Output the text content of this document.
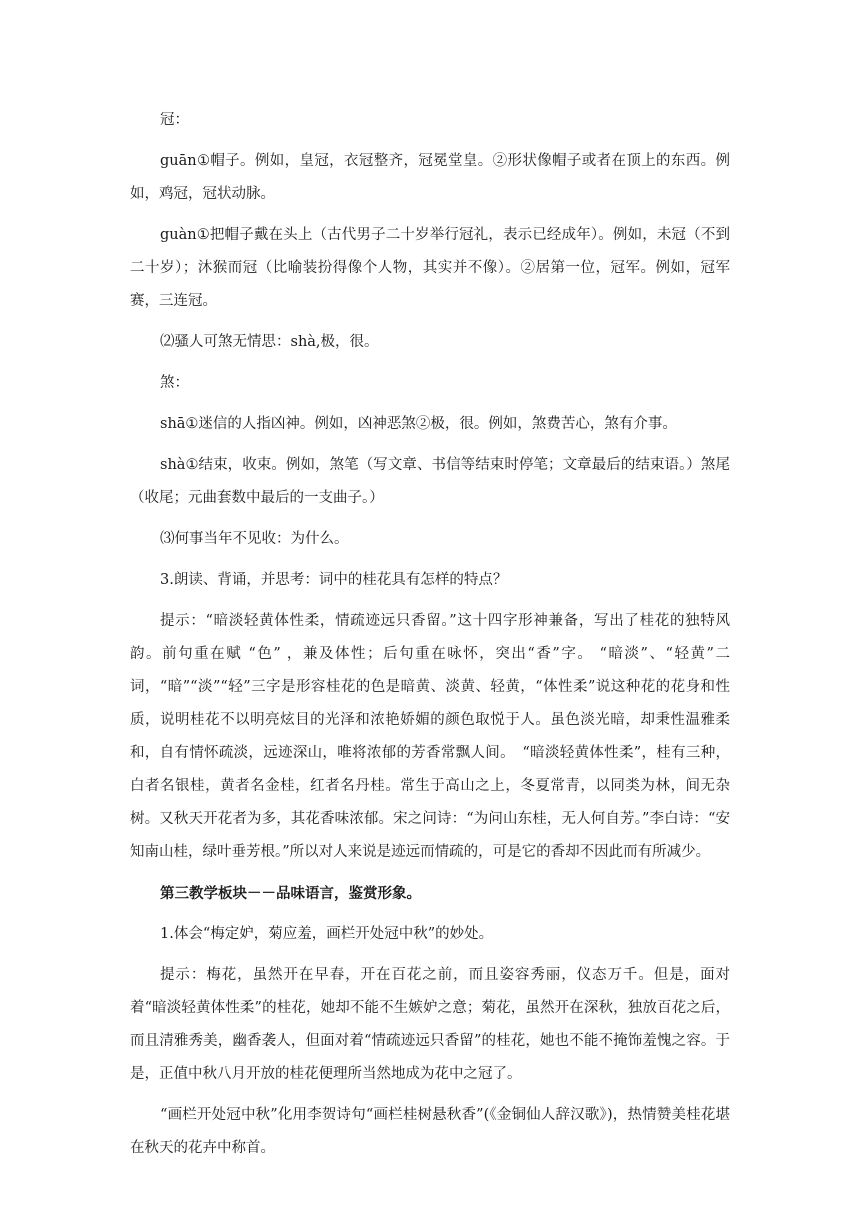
冠：

guān①帽子。例如，皇冠，衣冠整齐，冠冕堂皇。②形状像帽子或者在顶上的东西。例如，鸡冠，冠状动脉。

guàn①把帽子戴在头上（古代男子二十岁举行冠礼，表示已经成年）。例如，未冠（不到二十岁）；沐猴而冠（比喻装扮得像个人物，其实并不像）。②居第一位，冠军。例如，冠军赛，三连冠。

⑵骚人可煞无情思：shà,极，很。

煞：

shā①迷信的人指凶神。例如，凶神恶煞②极，很。例如，煞费苦心，煞有介事。

shà①结束，收束。例如，煞笔（写文章、书信等结束时停笔；文章最后的结束语。）煞尾（收尾；元曲套数中最后的一支曲子。）

⑶何事当年不见收：为什么。

3.朗读、背诵，并思考：词中的桂花具有怎样的特点？

提示：“暗淡轻黄体性柔，情疏迹远只香留。”这十四字形神兼备，写出了桂花的独特风韵。前句重在赋 “色” ，兼及体性；后句重在咏怀，突出“香”字。 “暗淡”、“轻黄”二词，“暗”“淡”“轻”三字是形容桂花的色是暗黄、淡黄、轻黄，“体性柔”说这种花的花身和性质，说明桂花不以明亮炫目的光泽和浓艳娇媚的颜色取悦于人。虽色淡光暗，却秉性温雅柔和，自有情怀疏淡，远迹深山，唯将浓郁的芳香常飘人间。　“暗淡轻黄体性柔”，桂有三种，白者名银桂，黄者名金桂，红者名丹桂。常生于高山之上，冬夏常青，以同类为林，间无杂树。又秋天开花者为多，其花香味浓郁。宋之问诗：“为问山东桂，无人何自芳。”李白诗：“安知南山桂，绿叶垂芳根。”所以对人来说是迹远而情疏的，可是它的香却不因此而有所减少。

第三教学板块－－品味语言，鉴赏形象。

1.体会“梅定妒，菊应羞，画栏开处冠中秋”的妙处。

提示：梅花，虽然开在早春，开在百花之前，而且姿容秀丽，仪态万千。但是，面对着“暗淡轻黄体性柔”的桂花，她却不能不生嫉妒之意；菊花，虽然开在深秋，独放百花之后，而且清雅秀美，幽香袭人，但面对着“情疏迹远只香留”的桂花，她也不能不掩饰羞愧之容。于是，正值中秋八月开放的桂花便理所当然地成为花中之冠了。

“画栏开处冠中秋”化用李贺诗句“画栏桂树悬秋香”(《金铜仙人辞汉歌》)，热情赞美桂花堪在秋天的花卉中称首。
